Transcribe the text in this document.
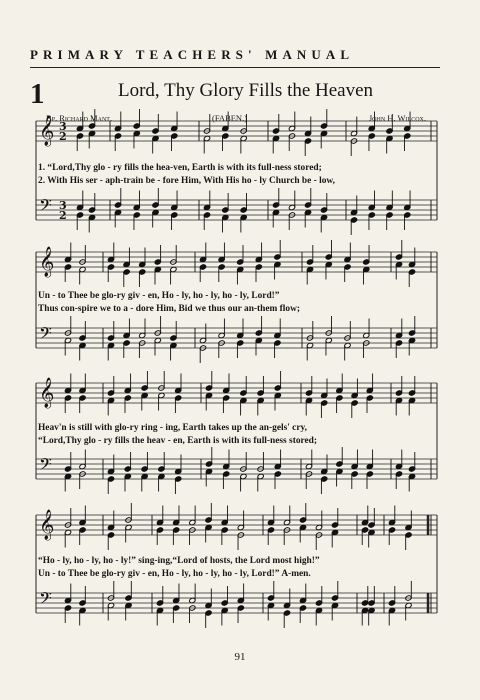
PRIMARY TEACHERS' MANUAL
1	Lord, Thy Glory Fills the Heaven
Bp. Richard Mant.	(FABEN.)	John H. Wilcox.
𝄞 3
2
𝄢 3
2
𝄞
𝄢
𝄞
𝄢
𝄞
𝄢
1. “Lord,Thy glo - ry fills the hea-ven, Earth is with its full-ness stored;
2. With His ser - aph-train be - fore Him, With His ho - ly Church be - low,
Un - to Thee be glo-ry giv - en, Ho - ly, ho - ly, ho - ly, Lord!”
Thus con-spire we to a - dore Him, Bid we thus our an-them flow;
Heav'n is still with glo-ry ring - ing, Earth takes up the an-gels' cry,
“Lord,Thy glo - ry fills the heav - en, Earth is with its full-ness stored;
“Ho - ly, ho - ly, ho - ly!” sing-ing,“Lord of hosts, the Lord most high!”
Un - to Thee be glo-ry giv - en, Ho - ly, ho - ly, ho - ly, Lord!” A-men.
91
